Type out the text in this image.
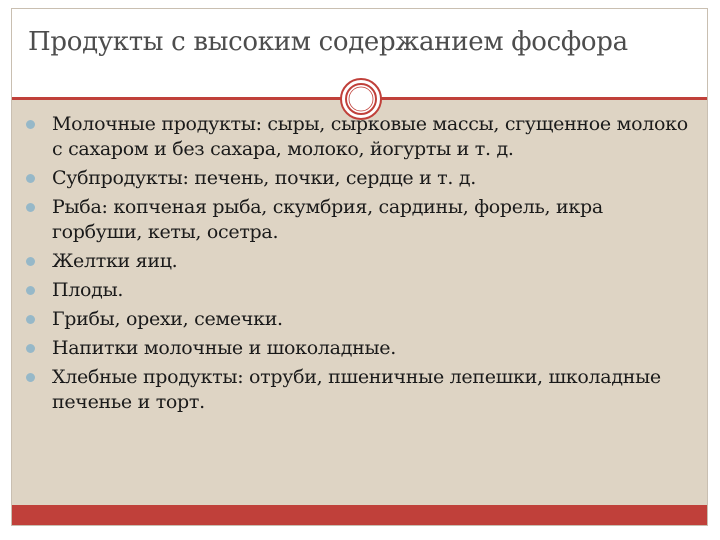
Продукты с высоким содержанием фосфора
Молочные продукты: сыры, сырковые массы, сгущенное молоко с сахаром и без сахара, молоко, йогурты и т. д.
Субпродукты: печень, почки, сердце и т. д.
Рыба: копченая рыба, скумбрия, сардины, форель, икра горбуши, кеты, осетра.
Желтки яиц.
Плоды.
Грибы, орехи, семечки.
Напитки молочные и шоколадные.
Хлебные продукты: отруби, пшеничные лепешки, школадные печенье и торт.
